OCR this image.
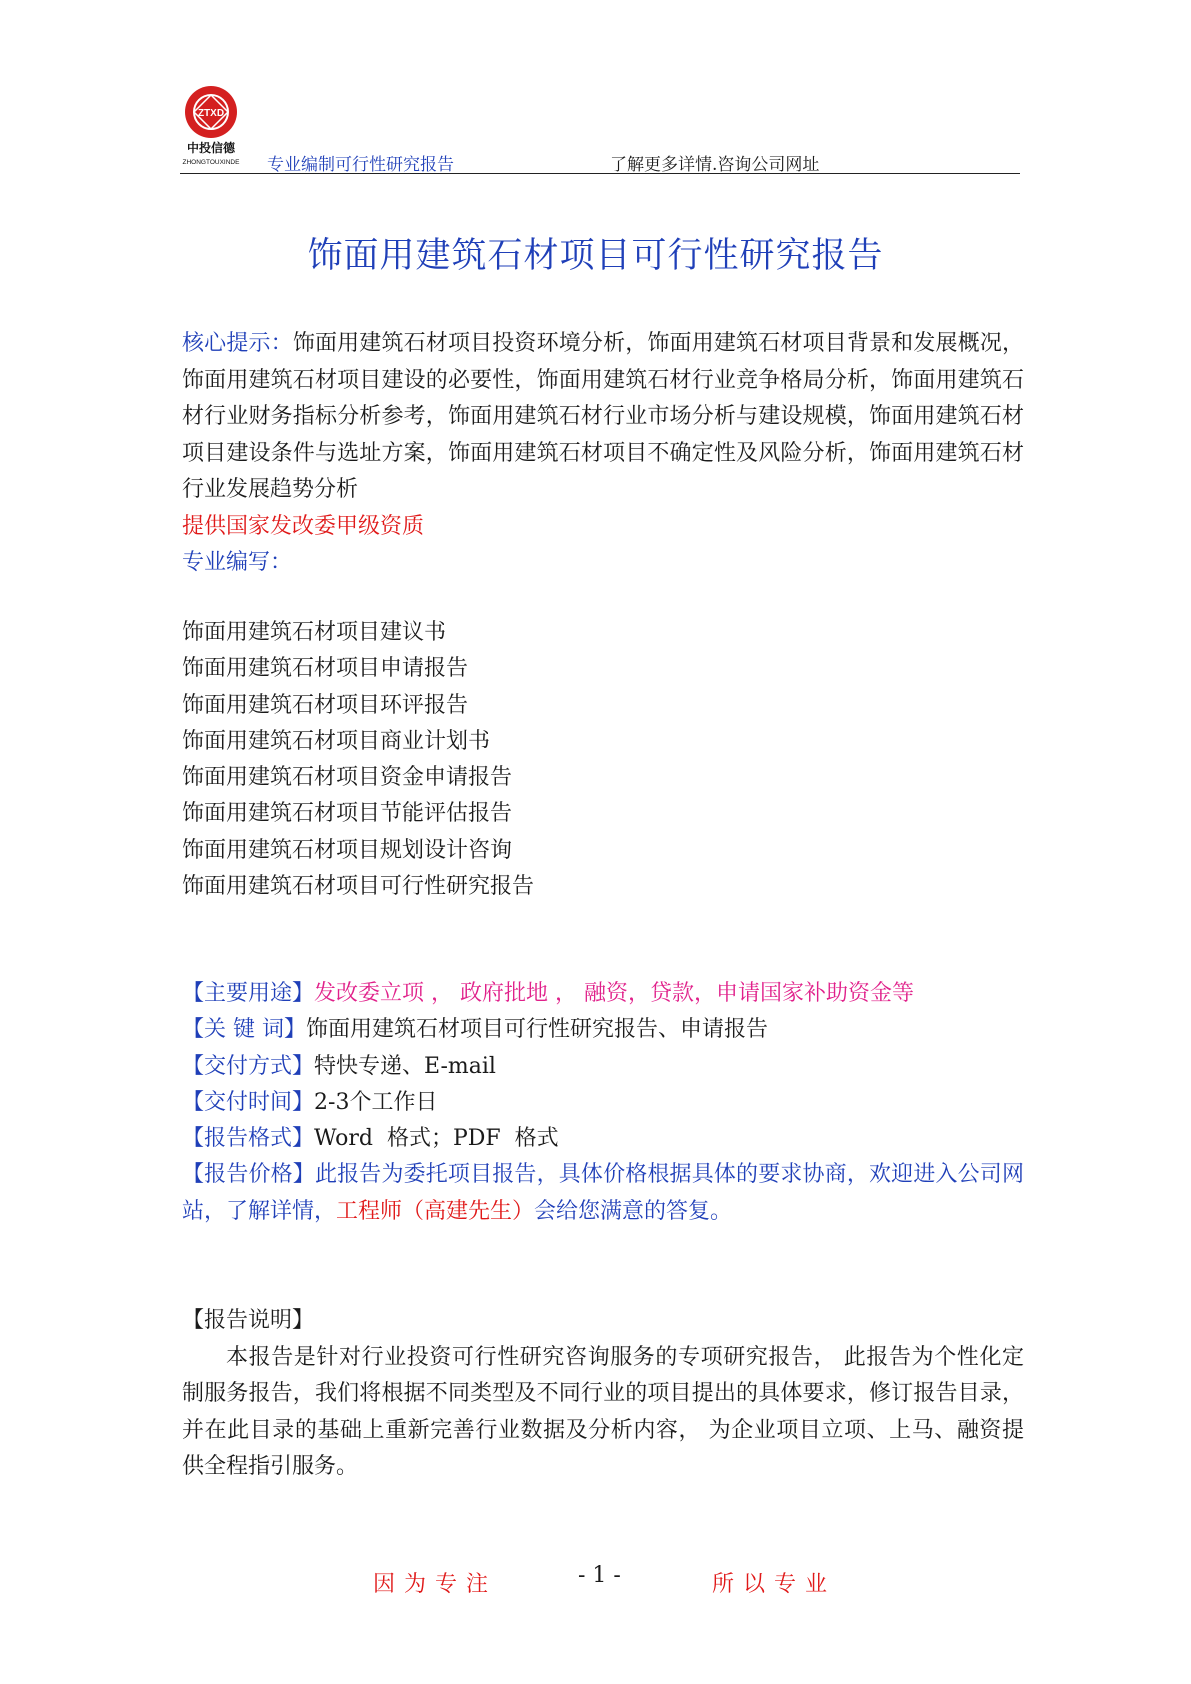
ZTXD
中投信德
ZHONGTOUXINDE 专业编制可行性研究报告	了解更多详情.咨询公司网址
饰面用建筑石材项目可行性研究报告
核心提示：饰面用建筑石材项目投资环境分析，饰面用建筑石材项目背景和发展概况，饰面用建筑石材项目建设的必要性，饰面用建筑石材行业竞争格局分析，饰面用建筑石材行业财务指标分析参考，饰面用建筑石材行业市场分析与建设规模，饰面用建筑石材项目建设条件与选址方案，饰面用建筑石材项目不确定性及风险分析，饰面用建筑石材行业发展趋势分析
提供国家发改委甲级资质
专业编写：
饰面用建筑石材项目建议书
饰面用建筑石材项目申请报告
饰面用建筑石材项目环评报告
饰面用建筑石材项目商业计划书
饰面用建筑石材项目资金申请报告
饰面用建筑石材项目节能评估报告
饰面用建筑石材项目规划设计咨询
饰面用建筑石材项目可行性研究报告
【主要用途】发改委立项 ， 政府批地 ， 融资，贷款，申请国家补助资金等
【关 键 词】饰面用建筑石材项目可行性研究报告、申请报告
【交付方式】特快专递、E-mail
【交付时间】2-3个工作日
【报告格式】Word  格式；PDF  格式
【报告价格】此报告为委托项目报告，具体价格根据具体的要求协商，欢迎进入公司网站，了解详情，工程师（高建先生）会给您满意的答复。
【报告说明】
本报告是针对行业投资可行性研究咨询服务的专项研究报告， 此报告为个性化定制服务报告，我们将根据不同类型及不同行业的项目提出的具体要求，修订报告目录， 并在此目录的基础上重新完善行业数据及分析内容， 为企业项目立项、上马、融资提供全程指引服务。
因为专注	- 1 -	所以专业
